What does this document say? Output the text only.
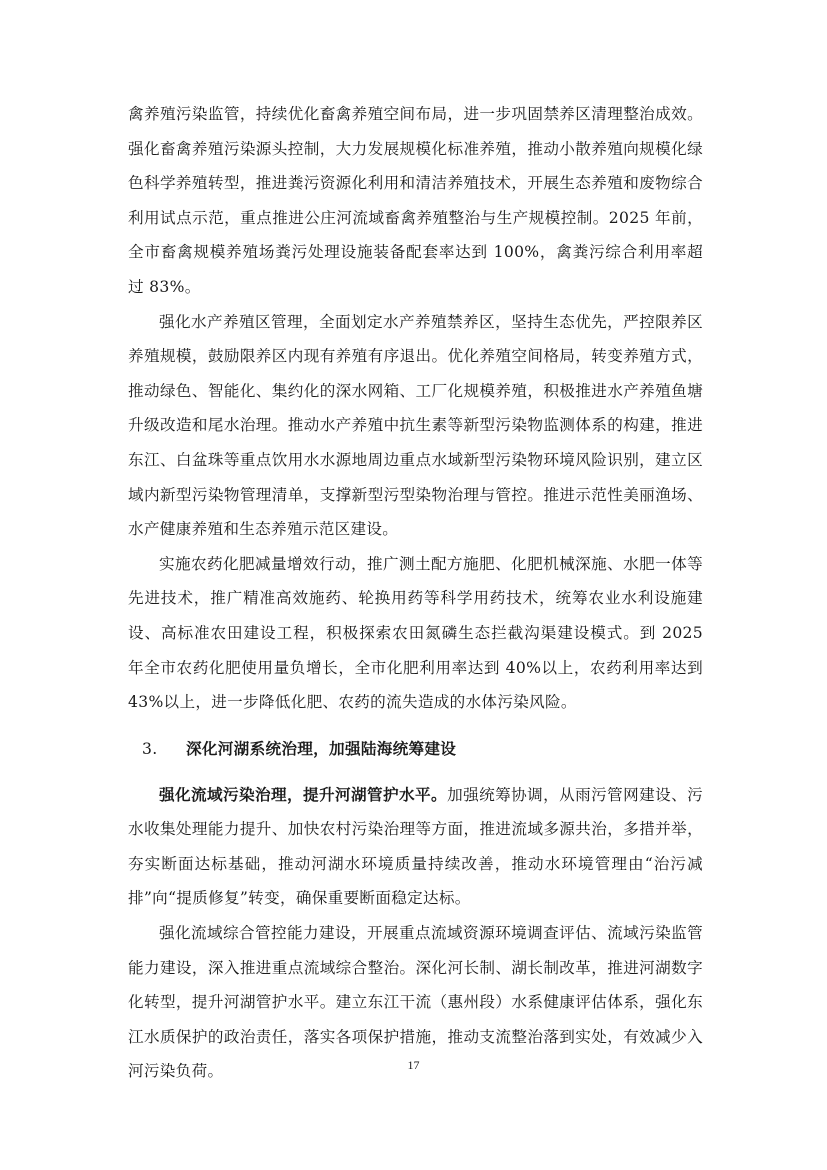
禽养殖污染监管，持续优化畜禽养殖空间布局，进一步巩固禁养区清理整治成效。强化畜禽养殖污染源头控制，大力发展规模化标准养殖，推动小散养殖向规模化绿色科学养殖转型，推进粪污资源化利用和清洁养殖技术，开展生态养殖和废物综合利用试点示范，重点推进公庄河流域畜禽养殖整治与生产规模控制。2025 年前，全市畜禽规模养殖场粪污处理设施装备配套率达到 100%，禽粪污综合利用率超过 83%。

强化水产养殖区管理，全面划定水产养殖禁养区，坚持生态优先，严控限养区养殖规模，鼓励限养区内现有养殖有序退出。优化养殖空间格局，转变养殖方式，推动绿色、智能化、集约化的深水网箱、工厂化规模养殖，积极推进水产养殖鱼塘升级改造和尾水治理。推动水产养殖中抗生素等新型污染物监测体系的构建，推进东江、白盆珠等重点饮用水水源地周边重点水域新型污染物环境风险识别，建立区域内新型污染物管理清单，支撑新型污型染物治理与管控。推进示范性美丽渔场、水产健康养殖和生态养殖示范区建设。

实施农药化肥减量增效行动，推广测土配方施肥、化肥机械深施、水肥一体等先进技术，推广精准高效施药、轮换用药等科学用药技术，统筹农业水利设施建设、高标准农田建设工程，积极探索农田氮磷生态拦截沟渠建设模式。到 2025 年全市农药化肥使用量负增长，全市化肥利用率达到 40%以上，农药利用率达到 43%以上，进一步降低化肥、农药的流失造成的水体污染风险。

3. 深化河湖系统治理，加强陆海统筹建设

强化流域污染治理，提升河湖管护水平。加强统筹协调，从雨污管网建设、污水收集处理能力提升、加快农村污染治理等方面，推进流域多源共治，多措并举，夯实断面达标基础，推动河湖水环境质量持续改善，推动水环境管理由“治污减排”向“提质修复”转变，确保重要断面稳定达标。

强化流域综合管控能力建设，开展重点流域资源环境调查评估、流域污染监管能力建设，深入推进重点流域综合整治。深化河长制、湖长制改革，推进河湖数字化转型，提升河湖管护水平。建立东江干流（惠州段）水系健康评估体系，强化东江水质保护的政治责任，落实各项保护措施，推动支流整治落到实处，有效减少入河污染负荷。	17
